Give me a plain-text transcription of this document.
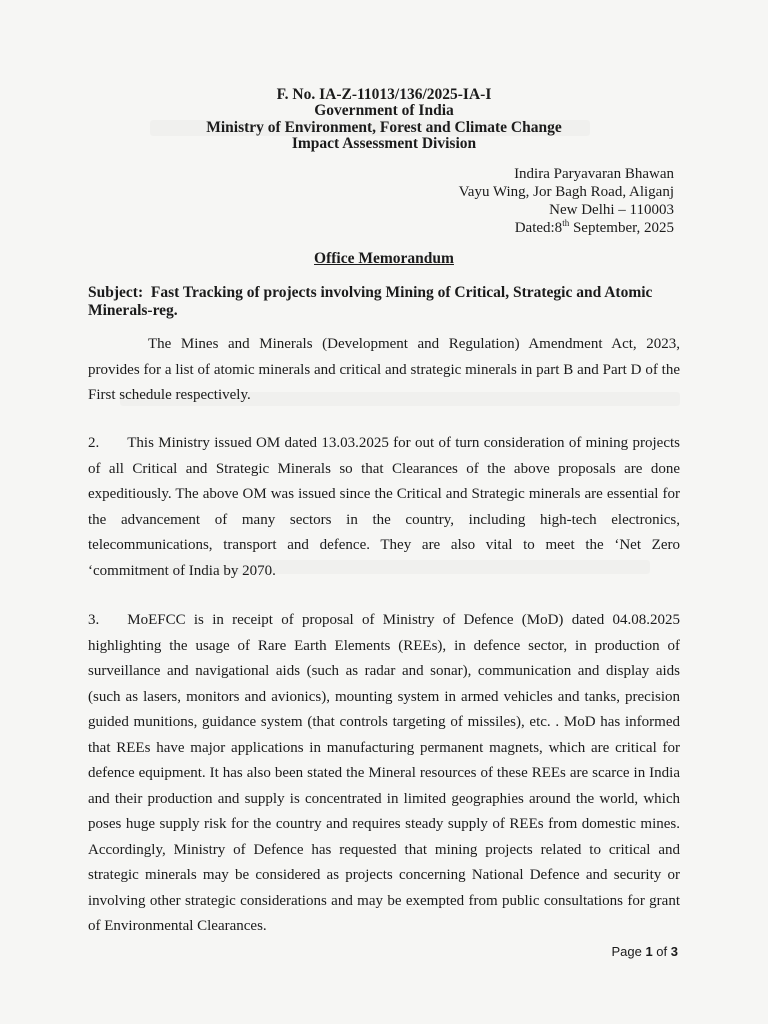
F. No. IA-Z-11013/136/2025-IA-I
Government of India
Ministry of Environment, Forest and Climate Change
Impact Assessment Division
Indira Paryavaran Bhawan
Vayu Wing, Jor Bagh Road, Aliganj
New Delhi – 110003
Dated:8th September, 2025
Office Memorandum
Subject: Fast Tracking of projects involving Mining of Critical, Strategic and Atomic Minerals-reg.
The Mines and Minerals (Development and Regulation) Amendment Act, 2023, provides for a list of atomic minerals and critical and strategic minerals in part B and Part D of the First schedule respectively.
2. This Ministry issued OM dated 13.03.2025 for out of turn consideration of mining projects of all Critical and Strategic Minerals so that Clearances of the above proposals are done expeditiously. The above OM was issued since the Critical and Strategic minerals are essential for the advancement of many sectors in the country, including high-tech electronics, telecommunications, transport and defence. They are also vital to meet the ‘Net Zero ‘commitment of India by 2070.
3. MoEFCC is in receipt of proposal of Ministry of Defence (MoD) dated 04.08.2025 highlighting the usage of Rare Earth Elements (REEs), in defence sector, in production of surveillance and navigational aids (such as radar and sonar), communication and display aids (such as lasers, monitors and avionics), mounting system in armed vehicles and tanks, precision guided munitions, guidance system (that controls targeting of missiles), etc. . MoD has informed that REEs have major applications in manufacturing permanent magnets, which are critical for defence equipment. It has also been stated the Mineral resources of these REEs are scarce in India and their production and supply is concentrated in limited geographies around the world, which poses huge supply risk for the country and requires steady supply of REEs from domestic mines. Accordingly, Ministry of Defence has requested that mining projects related to critical and strategic minerals may be considered as projects concerning National Defence and security or involving other strategic considerations and may be exempted from public consultations for grant of Environmental Clearances.
Page 1 of 3
